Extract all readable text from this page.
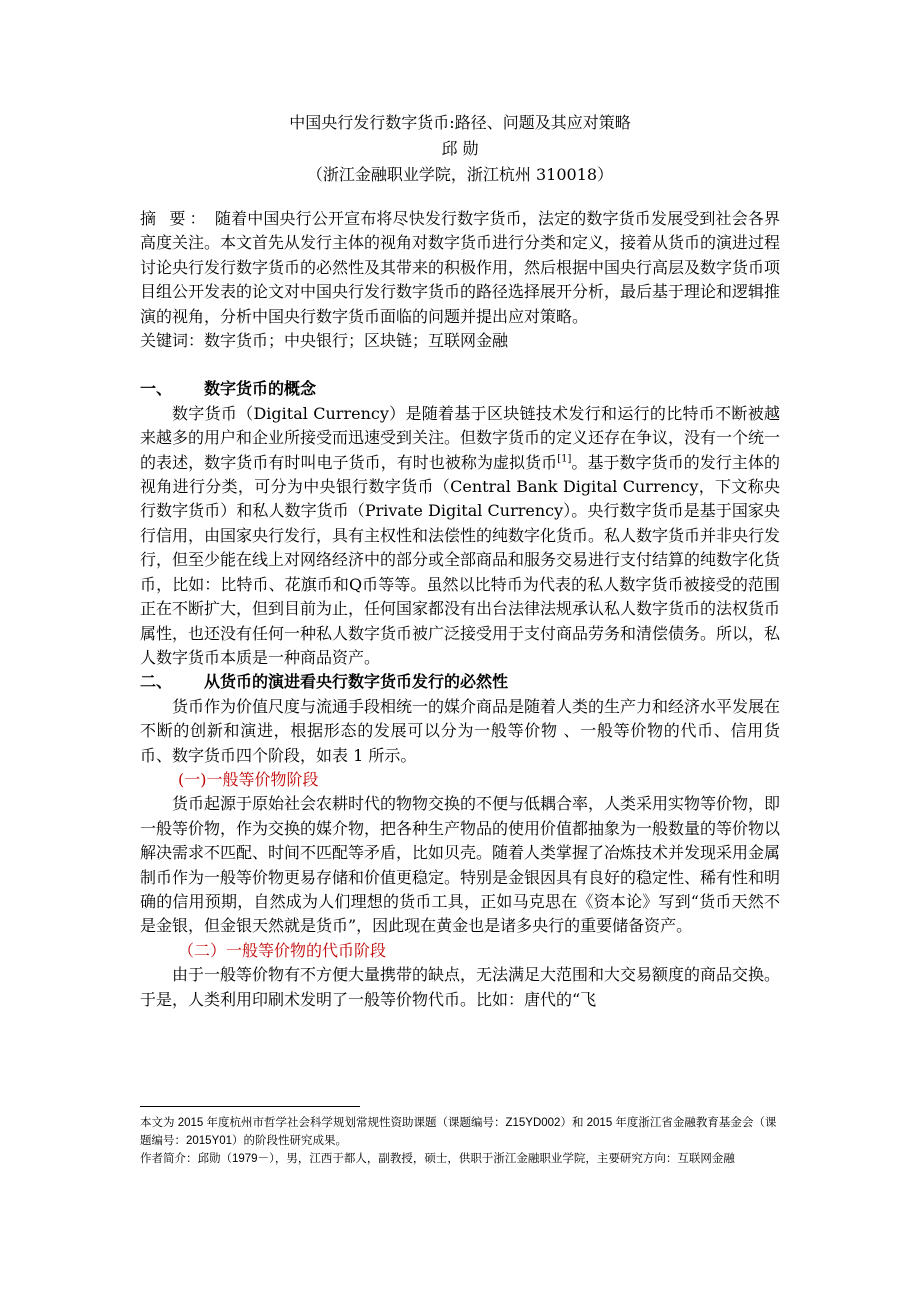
中国央行发行数字货币:路径、问题及其应对策略
邱 勋
（浙江金融职业学院，浙江杭州 310018）

摘 要： 随着中国央行公开宣布将尽快发行数字货币，法定的数字货币发展受到社会各界高度关注。本文首先从发行主体的视角对数字货币进行分类和定义，接着从货币的演进过程讨论央行发行数字货币的必然性及其带来的积极作用，然后根据中国央行高层及数字货币项目组公开发表的论文对中国央行发行数字货币的路径选择展开分析，最后基于理论和逻辑推演的视角，分析中国央行数字货币面临的问题并提出应对策略。

关键词：数字货币；中央银行；区块链；互联网金融

一、 数字货币的概念

数字货币（Digital Currency）是随着基于区块链技术发行和运行的比特币不断被越来越多的用户和企业所接受而迅速受到关注。但数字货币的定义还存在争议，没有一个统一的表述，数字货币有时叫电子货币，有时也被称为虚拟货币[1]。基于数字货币的发行主体的视角进行分类，可分为中央银行数字货币（Central Bank Digital Currency，下文称央行数字货币）和私人数字货币（Private Digital Currency）。央行数字货币是基于国家央行信用，由国家央行发行，具有主权性和法偿性的纯数字化货币。私人数字货币并非央行发行，但至少能在线上对网络经济中的部分或全部商品和服务交易进行支付结算的纯数字化货币，比如：比特币、花旗币和Q币等等。虽然以比特币为代表的私人数字货币被接受的范围正在不断扩大，但到目前为止，任何国家都没有出台法律法规承认私人数字货币的法权货币属性，也还没有任何一种私人数字货币被广泛接受用于支付商品劳务和清偿债务。所以，私人数字货币本质是一种商品资产。

二、 从货币的演进看央行数字货币发行的必然性

货币作为价值尺度与流通手段相统一的媒介商品是随着人类的生产力和经济水平发展在不断的创新和演进，根据形态的发展可以分为一般等价物 、一般等价物的代币、信用货币、数字货币四个阶段，如表 1 所示。

(一)一般等价物阶段

货币起源于原始社会农耕时代的物物交换的不便与低耦合率，人类采用实物等价物，即一般等价物，作为交换的媒介物，把各种生产物品的使用价值都抽象为一般数量的等价物以解决需求不匹配、时间不匹配等矛盾，比如贝壳。随着人类掌握了冶炼技术并发现采用金属制币作为一般等价物更易存储和价值更稳定。特别是金银因具有良好的稳定性、稀有性和明确的信用预期，自然成为人们理想的货币工具，正如马克思在《资本论》写到“货币天然不是金银，但金银天然就是货币”，因此现在黄金也是诸多央行的重要储备资产。

（二）一般等价物的代币阶段

由于一般等价物有不方便大量携带的缺点，无法满足大范围和大交易额度的商品交换。于是，人类利用印刷术发明了一般等价物代币。比如：唐代的“飞

本文为 2015 年度杭州市哲学社会科学规划常规性资助课题（课题编号：Z15YD002）和 2015 年度浙江省金融教育基金会（课题编号：2015Y01）的阶段性研究成果。

作者简介：邱勋（1979－），男，江西于都人，副教授，硕士，供职于浙江金融职业学院，主要研究方向：互联网金融
